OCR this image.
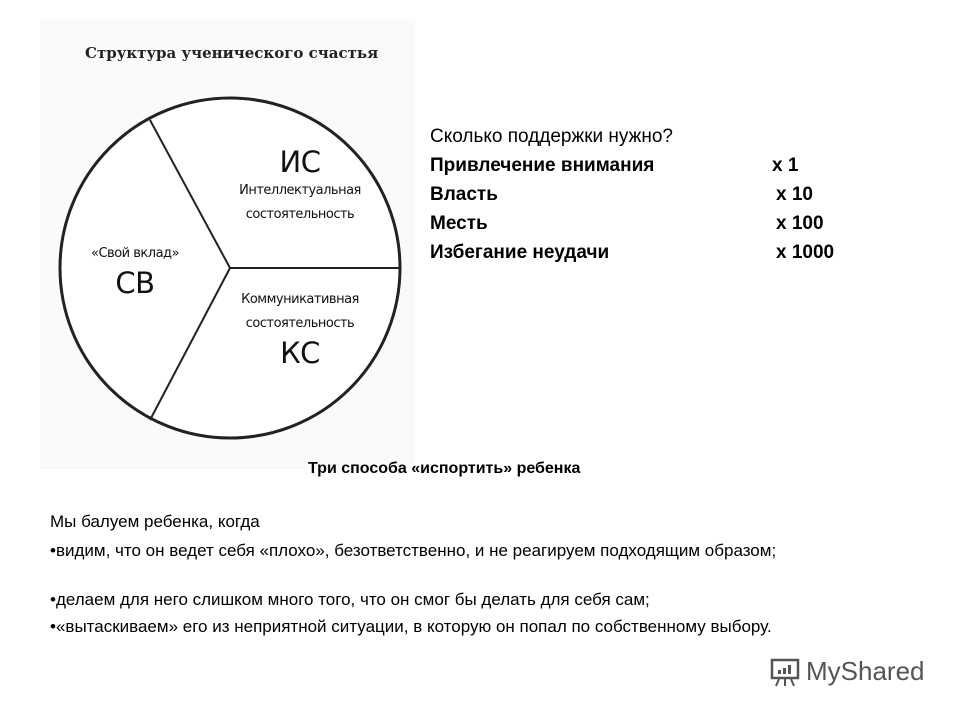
Структура ученического счастья
ИС
Интеллектуальная
состоятельность
Коммуникативная
состоятельность
КС
«Свой вклад»
СВ
Сколько поддержки нужно?
Привлечение внимания	x 1
Власть	x 10
Месть	x 100
Избегание неудачи	x 1000
Три способа «испортить» ребенка
Мы балуем ребенка, когда
•видим, что он ведет себя «плохо», безответственно, и не реагируем подходящим образом;
•делаем для него слишком много того, что он смог бы делать для себя сам;
•«вытаскиваем» его из неприятной ситуации, в которую он попал по собственному выбору.
MyShared
